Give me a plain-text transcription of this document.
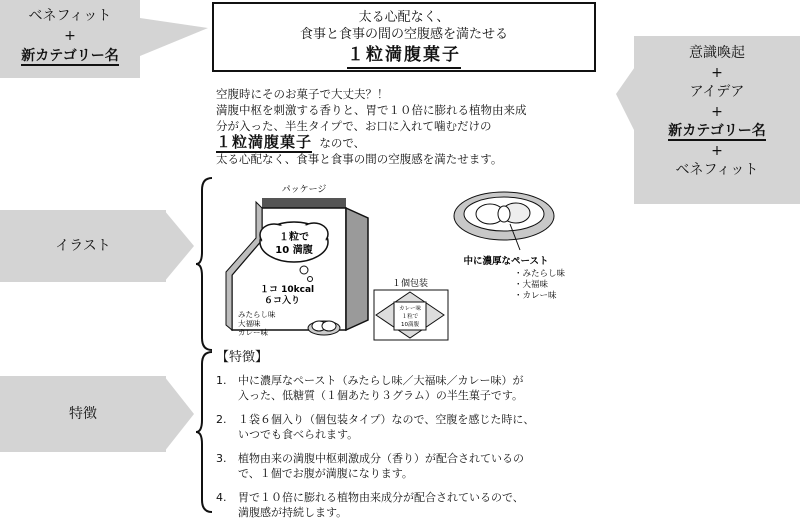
ベネフィット
+
新カテゴリー名
イラスト
特徴
意識喚起
+
アイデア
+
新カテゴリー名
+
ベネフィット
太る心配なく、
食事と食事の間の空腹感を満たせる
１粒満腹菓子
空腹時にそのお菓子で大丈夫？！
満腹中枢を刺激する香りと、胃で１０倍に膨れる植物由来成
分が入った、半生タイプで、お口に入れて噛むだけの
１粒満腹菓子 なので、
太る心配なく、食事と食事の間の空腹感を満たせます。
１粒で
10 満腹
１コ 10kcal
６コ入り
みたらし味
大福味
カレー味
パッケージ
１個包装
カレー味
１粒で
10満腹
中に濃厚なペースト
・みたらし味
・大福味
・カレー味
【特徴】
1.	中に濃厚なペースト（みたらし味／大福味／カレー味）が
入った、低糖質（１個あたり３グラム）の半生菓子です。
2.	１袋６個入り（個包装タイプ）なので、空腹を感じた時に、
いつでも食べられます。
3.	植物由来の満腹中枢刺激成分（香り）が配合されているの
で、１個でお腹が満腹になります。
4.	胃で１０倍に膨れる植物由来成分が配合されているので、
満腹感が持続します。
